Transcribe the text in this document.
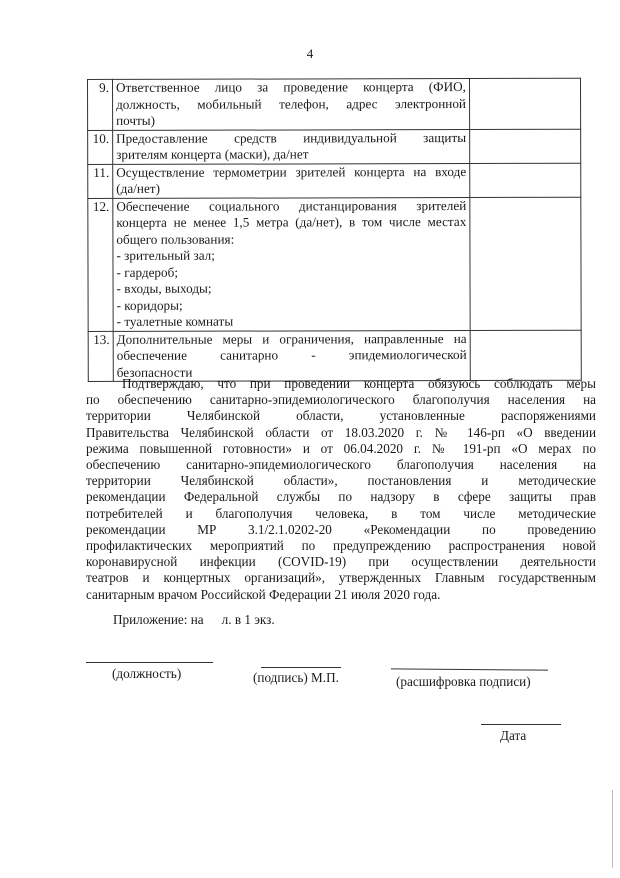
4
9.	Ответственное лицо за проведение концерта (ФИО,
должность, мобильный телефон, адрес электронной
почты)	

10.	Предоставление средств индивидуальной защиты
зрителям концерта (маски), да/нет	

11.	Осуществление термометрии зрителей концерта на входе
(да/нет)	

12.	Обеспечение социального дистанцирования зрителей
концерта не менее 1,5 метра (да/нет), в том числе местах
общего пользования:
- зрительный зал;
- гардероб;
- входы, выходы;
- коридоры;
- туалетные комнаты

13.	Дополнительные меры и ограничения, направленные на
обеспечение санитарно - эпидемиологической
безопасности	

Подтверждаю, что при проведении концерта обязуюсь соблюдать меры
по обеспечению санитарно-эпидемиологического благополучия населения на
территории Челябинской области, установленные распоряжениями
Правительства Челябинской области от 18.03.2020 г. № 146-рп «О введении
режима повышенной готовности» и от 06.04.2020 г. № 191-рп «О мерах по
обеспечению санитарно-эпидемиологического благополучия населения на
территории Челябинской области», постановления и методические
рекомендации Федеральной службы по надзору в сфере защиты прав
потребителей и благополучия человека, в том числе методические
рекомендации МР 3.1/2.1.0202-20 «Рекомендации по проведению
профилактических мероприятий по предупреждению распространения новой
коронавирусной инфекции (COVID-19) при осуществлении деятельности
театров и концертных организаций», утвержденных Главным государственным
санитарным врачом Российской Федерации 21 июля 2020 года.
Приложение: на л. в 1 экз.
(должность)	(подпись) М.П.	(расшифровка подписи)
Дата
